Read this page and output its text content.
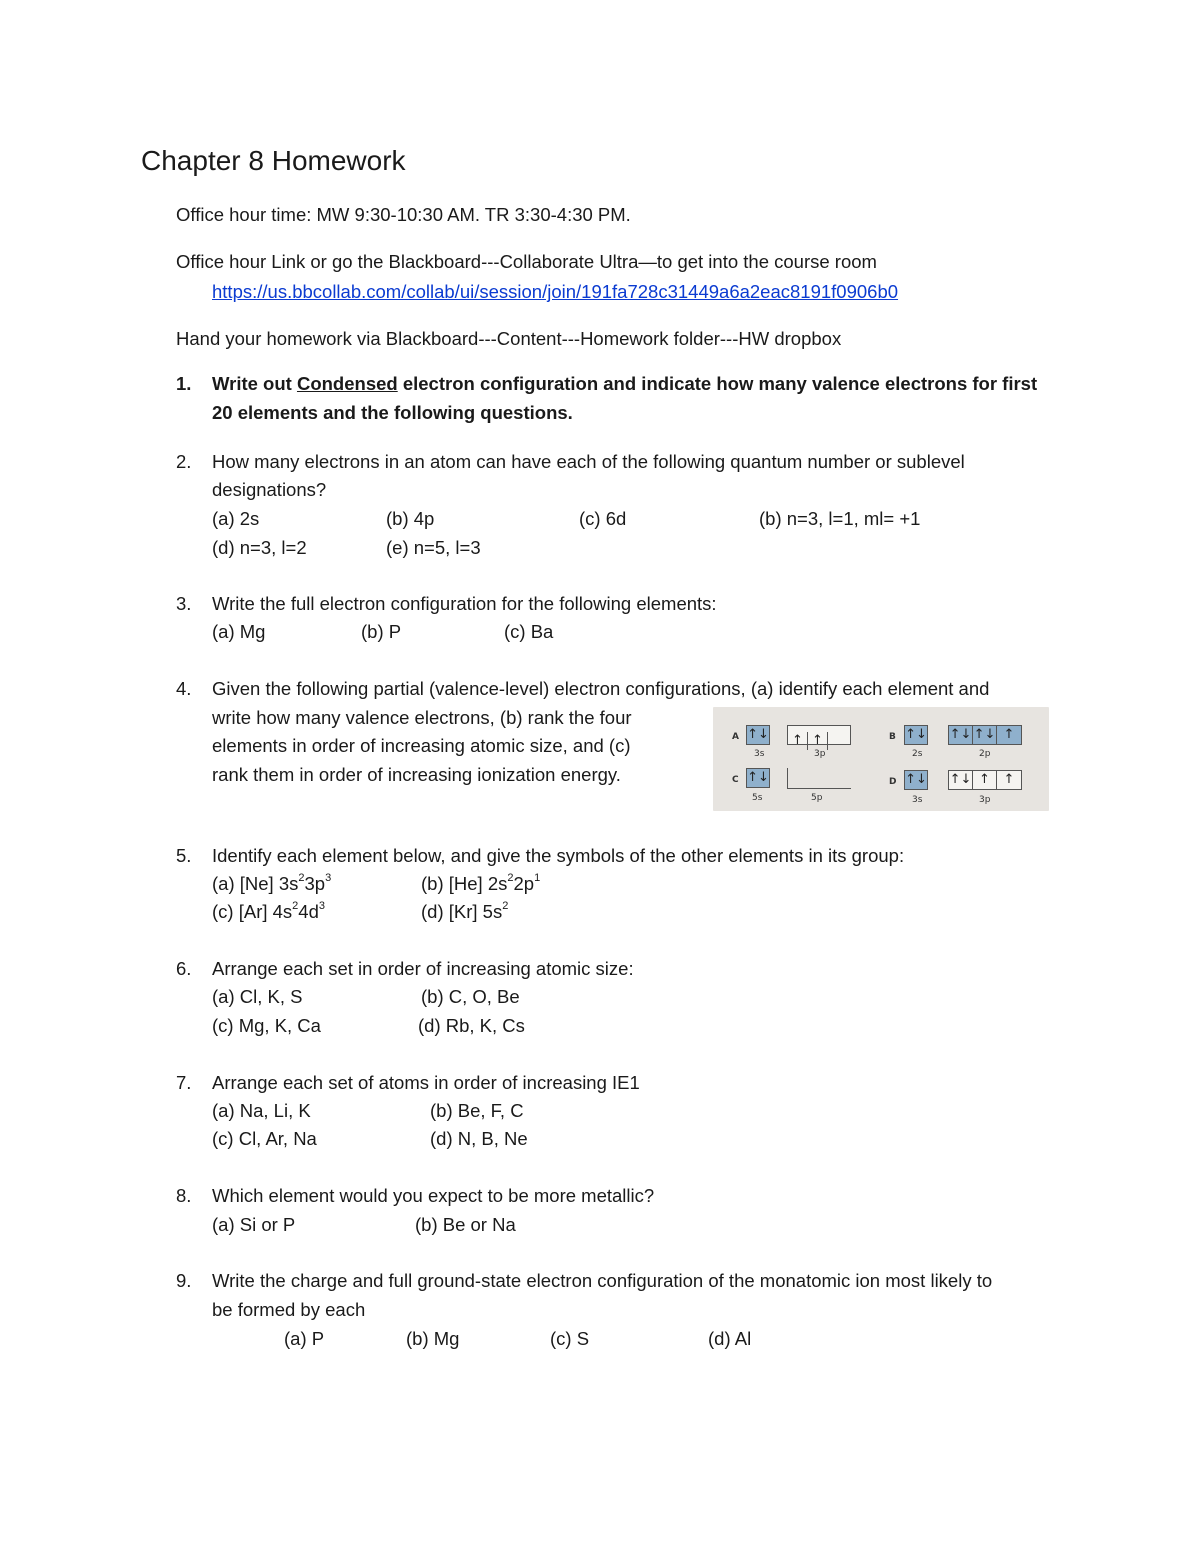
Chapter 8 Homework
Office hour time: MW 9:30-10:30 AM. TR 3:30-4:30 PM.
Office hour Link or go the Blackboard---Collaborate Ultra—to get into the course room
https://us.bbcollab.com/collab/ui/session/join/191fa728c31449a6a2eac8191f0906b0
Hand your homework via Blackboard---Content---Homework folder---HW dropbox
1. Write out Condensed electron configuration and indicate how many valence electrons for first
20 elements and the following questions.
2. How many electrons in an atom can have each of the following quantum number or sublevel
designations?
(a) 2s	(b) 4p	(c) 6d	(b) n=3, l=1, ml= +1
(d) n=3, l=2	(e) n=5, l=3
3. Write the full electron configuration for the following elements:
(a) Mg	(b) P	(c) Ba
4. Given the following partial (valence-level) electron configurations, (a) identify each element and
write how many valence electrons, (b) rank the four
elements in order of increasing atomic size, and (c)
rank them in order of increasing ionization energy.
A ↑↓	↑ ↑
3s	3p
B ↑↓ ↑↓ ↑↓ ↑
2s	2p
C ↑↓
5s	5p
D ↑↓ ↑↓ ↑ ↑
3s	3p
5. Identify each element below, and give the symbols of the other elements in its group:
(a) [Ne] $3s^23p^3$	(b) [He] $2s^22p^1$
(c) [Ar] $4s^24d^3$	(d) [Kr] $5s^2$
6. Arrange each set in order of increasing atomic size:
(a) Cl, K, S	(b) C, O, Be
(c) Mg, K, Ca	(d) Rb, K, Cs
7. Arrange each set of atoms in order of increasing IE1
(a) Na, Li, K	(b) Be, F, C
(c) Cl, Ar, Na	(d) N, B, Ne
8. Which element would you expect to be more metallic?
(a) Si or P	(b) Be or Na
9. Write the charge and full ground-state electron configuration of the monatomic ion most likely to
be formed by each
(a) P	(b) Mg	(c) S	(d) Al
